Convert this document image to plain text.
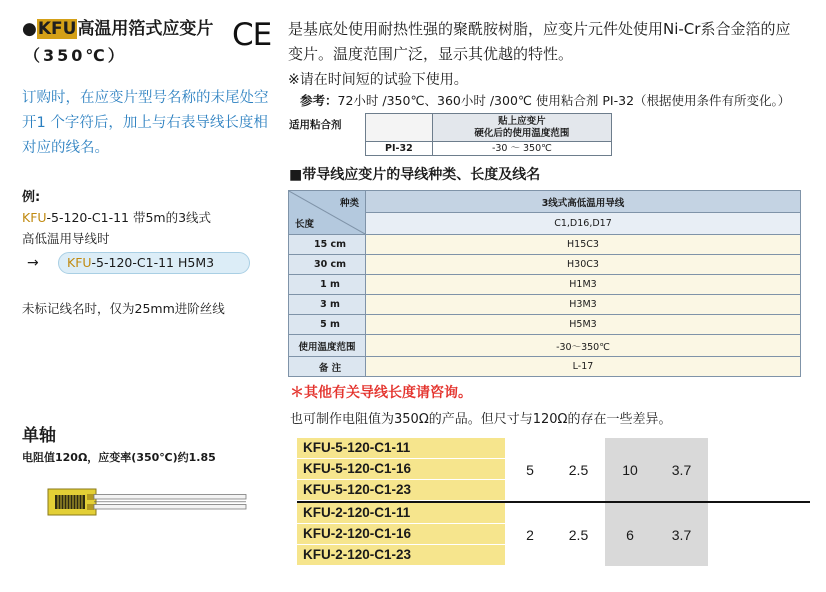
●KFU高温用箔式应变片
（350℃）
CE
订购时，在应变片型号名称的末尾处空
开1 个字符后，加上与右表导线长度相
对应的线名。
例:
KFU-5-120-C1-11 带5m的3线式
高低温用导线时
→	KFU-5-120-C1-11 H5M3
未标记线名时，仅为25mm进阶丝线
单轴
电阻值120Ω，应变率(350℃)约1.85
是基底处使用耐热性强的聚酰胺树脂，应变片元件处使用Ni-Cr系合金箔的应
变片。温度范围广泛，显示其优越的特性。
※请在时间短的试验下使用。
参考：72小时 /350℃、360小时 /300℃ 使用粘合剂 PI-32（根据使用条件有所变化。）
适用粘合剂

	贴上应变片
硬化后的使用温度范围

PI-32	-30 ～ 350℃
■带导线应变片的导线种类、长度及线名
种类
长度	3线式高低温用导线
	C1,D16,D17
15 cm	H15C3
30 cm	H30C3
1 m	H1M3
3 m	H3M3
5 m	H5M3
使用温度范围	-30～350℃
备 注	L-17
＊其他有关导线长度请咨询。
也可制作电阻值为350Ω的产品。但尺寸与120Ω的存在一些差异。
KFU-5-120-C1-11
KFU-5-120-C1-16
KFU-5-120-C1-23
5	2.5	10	3.7
KFU-2-120-C1-11
KFU-2-120-C1-16
KFU-2-120-C1-23
2	2.5	6	3.7
